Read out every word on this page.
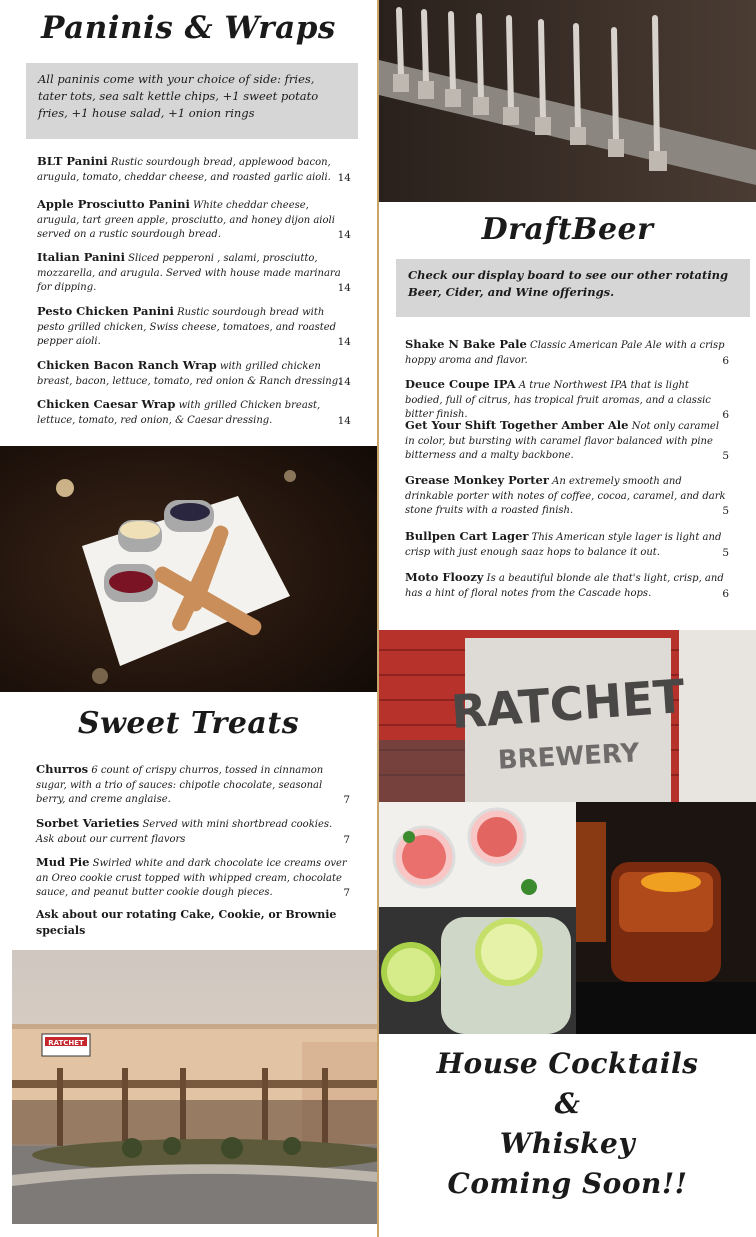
Paninis & Wraps
All paninis come with your choice of side: fries, tater tots, sea salt kettle chips, +1 sweet potato fries, +1 house salad, +1 onion rings
BLT Panini Rustic sourdough bread, applewood bacon, arugula, tomato, cheddar cheese, and roasted garlic aioli. 14
Apple Prosciutto Panini White cheddar cheese, arugula, tart green apple, prosciutto, and honey dijon aioli served on a rustic sourdough bread.	14
Italian Panini Sliced pepperoni , salami, prosciutto, mozzarella, and arugula. Served with house made marinara for dipping.	14
Pesto Chicken Panini Rustic sourdough bread with pesto grilled chicken, Swiss cheese, tomatoes, and roasted pepper aioli.	14
Chicken Bacon Ranch Wrap with grilled chicken breast, bacon, lettuce, tomato, red onion & Ranch dressing.
14
Chicken Caesar Wrap with grilled Chicken breast, lettuce, tomato, red onion, & Caesar dressing.	14
Sweet Treats
Churros 6 count of crispy churros, tossed in cinnamon sugar, with a trio of sauces: chipotle chocolate, seasonal berry, and creme anglaise.	7
Sorbet Varieties Served with mini shortbread cookies. Ask about our current flavors	7
Mud Pie Swirled white and dark chocolate ice creams over an Oreo cookie crust topped with whipped cream, chocolate sauce, and peanut butter cookie dough pieces.	7
Ask about our rotating Cake, Cookie, or Brownie specials
RATCHET
DraftBeer
Check our display board to see our other rotating Beer, Cider, and Wine offerings.
Shake N Bake Pale Classic American Pale Ale with a crisp hoppy aroma and flavor.	6
Deuce Coupe IPA A true Northwest IPA that is light bodied, full of citrus, has tropical fruit aromas, and a classic bitter finish.	6
Get Your Shift Together Amber Ale Not only caramel in color, but bursting with caramel flavor balanced with pine bitterness and a malty backbone.	5
Grease Monkey Porter An extremely smooth and drinkable porter with notes of coffee, cocoa, caramel, and dark stone fruits with a roasted finish.	5
Bullpen Cart Lager This American style lager is light and crisp with just enough saaz hops to balance it out.	5
Moto Floozy Is a beautiful blonde ale that's light, crisp, and has a hint of floral notes from the Cascade hops.	6
RATCHET
BREWERY
House Cocktails
&
Whiskey
Coming Soon!!
